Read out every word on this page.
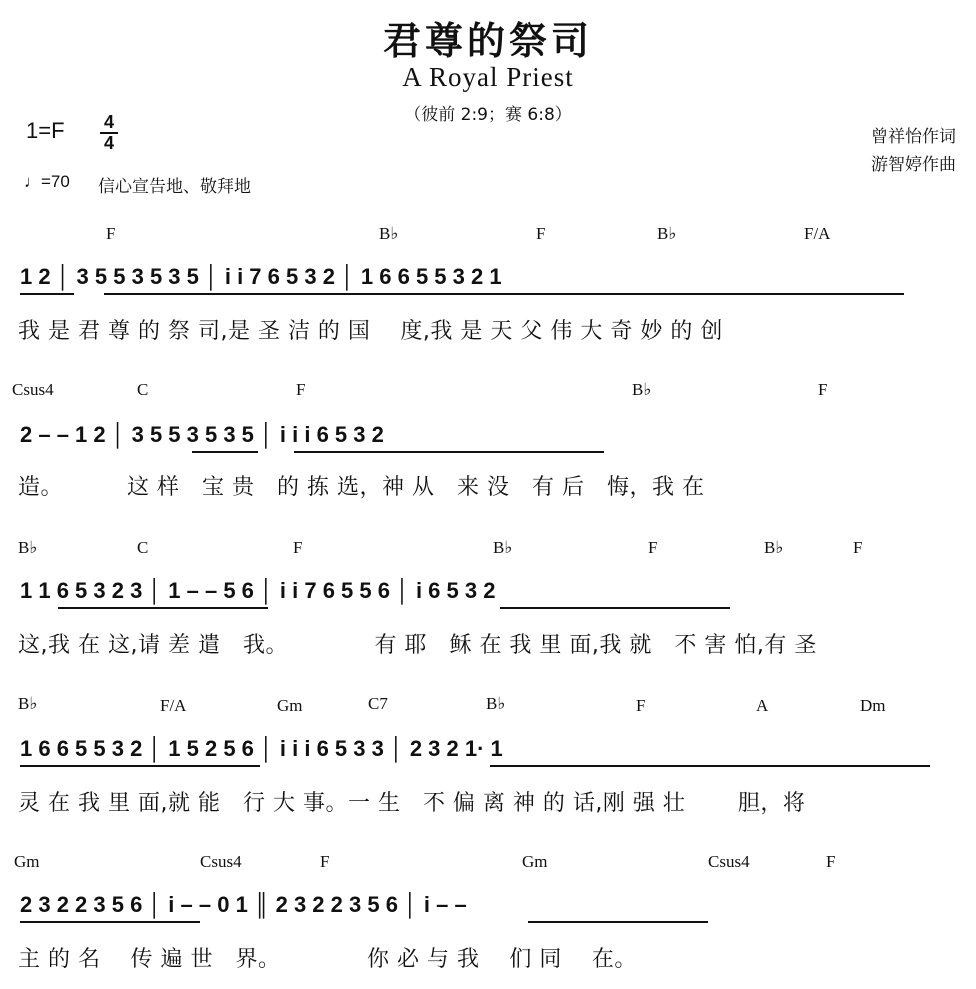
君尊的祭司
A Royal Priest
（彼前 2:9；赛 6:8）
1=F 4
4	曾祥怡作词
游智婷作曲
♩=70 信心宣告地、敬拜地
F	B♭	F	B♭	F/A
1 2 │ 3 5 5 3 5 3 5 │ i i 7 6 5 3 2 │ 1 6 6 5 5 3 2 1
我 是 君 尊 的 祭 司,是 圣 洁 的 国　 度,我 是 天 父 伟 大 奇 妙 的 创
Csus4	C	F	B♭	F
2 – – 1 2 │ 3 5 5 3 5 3 5 │ i i i 6 5 3 2
造。　　　 这 样　宝 贵　的 拣 选，神 从　来 没　有 后　悔，我 在
B♭	C	F	B♭	F	B♭	F
1 1 6 5 3 2 3 │ 1 – – 5 6 │ i i 7 6 5 5 6 │ i 6 5 3 2
这,我 在 这,请 差 遣　我。　　　　 有 耶　稣 在 我 里 面,我 就　不 害 怕,有 圣
B♭	F/A	Gm	C7	B♭	F	A	Dm
1 6 6 5 5 3 2 │ 1 5 2 5 6 │ i i i 6 5 3 3 │ 2 3 2 1· 1
灵 在 我 里 面,就 能　行 大 事。一 生　不 偏 离 神 的 话,刚 强 壮　　 胆，将
Gm	Csus4	F	Gm	Csus4	F
2 3 2 2 3 5 6 │ i – – 0 1 ║ 2 3 2 2 3 5 6 │ i – –
主 的 名　 传 遍 世　界。　　　　 你 必 与 我　 们 同　 在。
